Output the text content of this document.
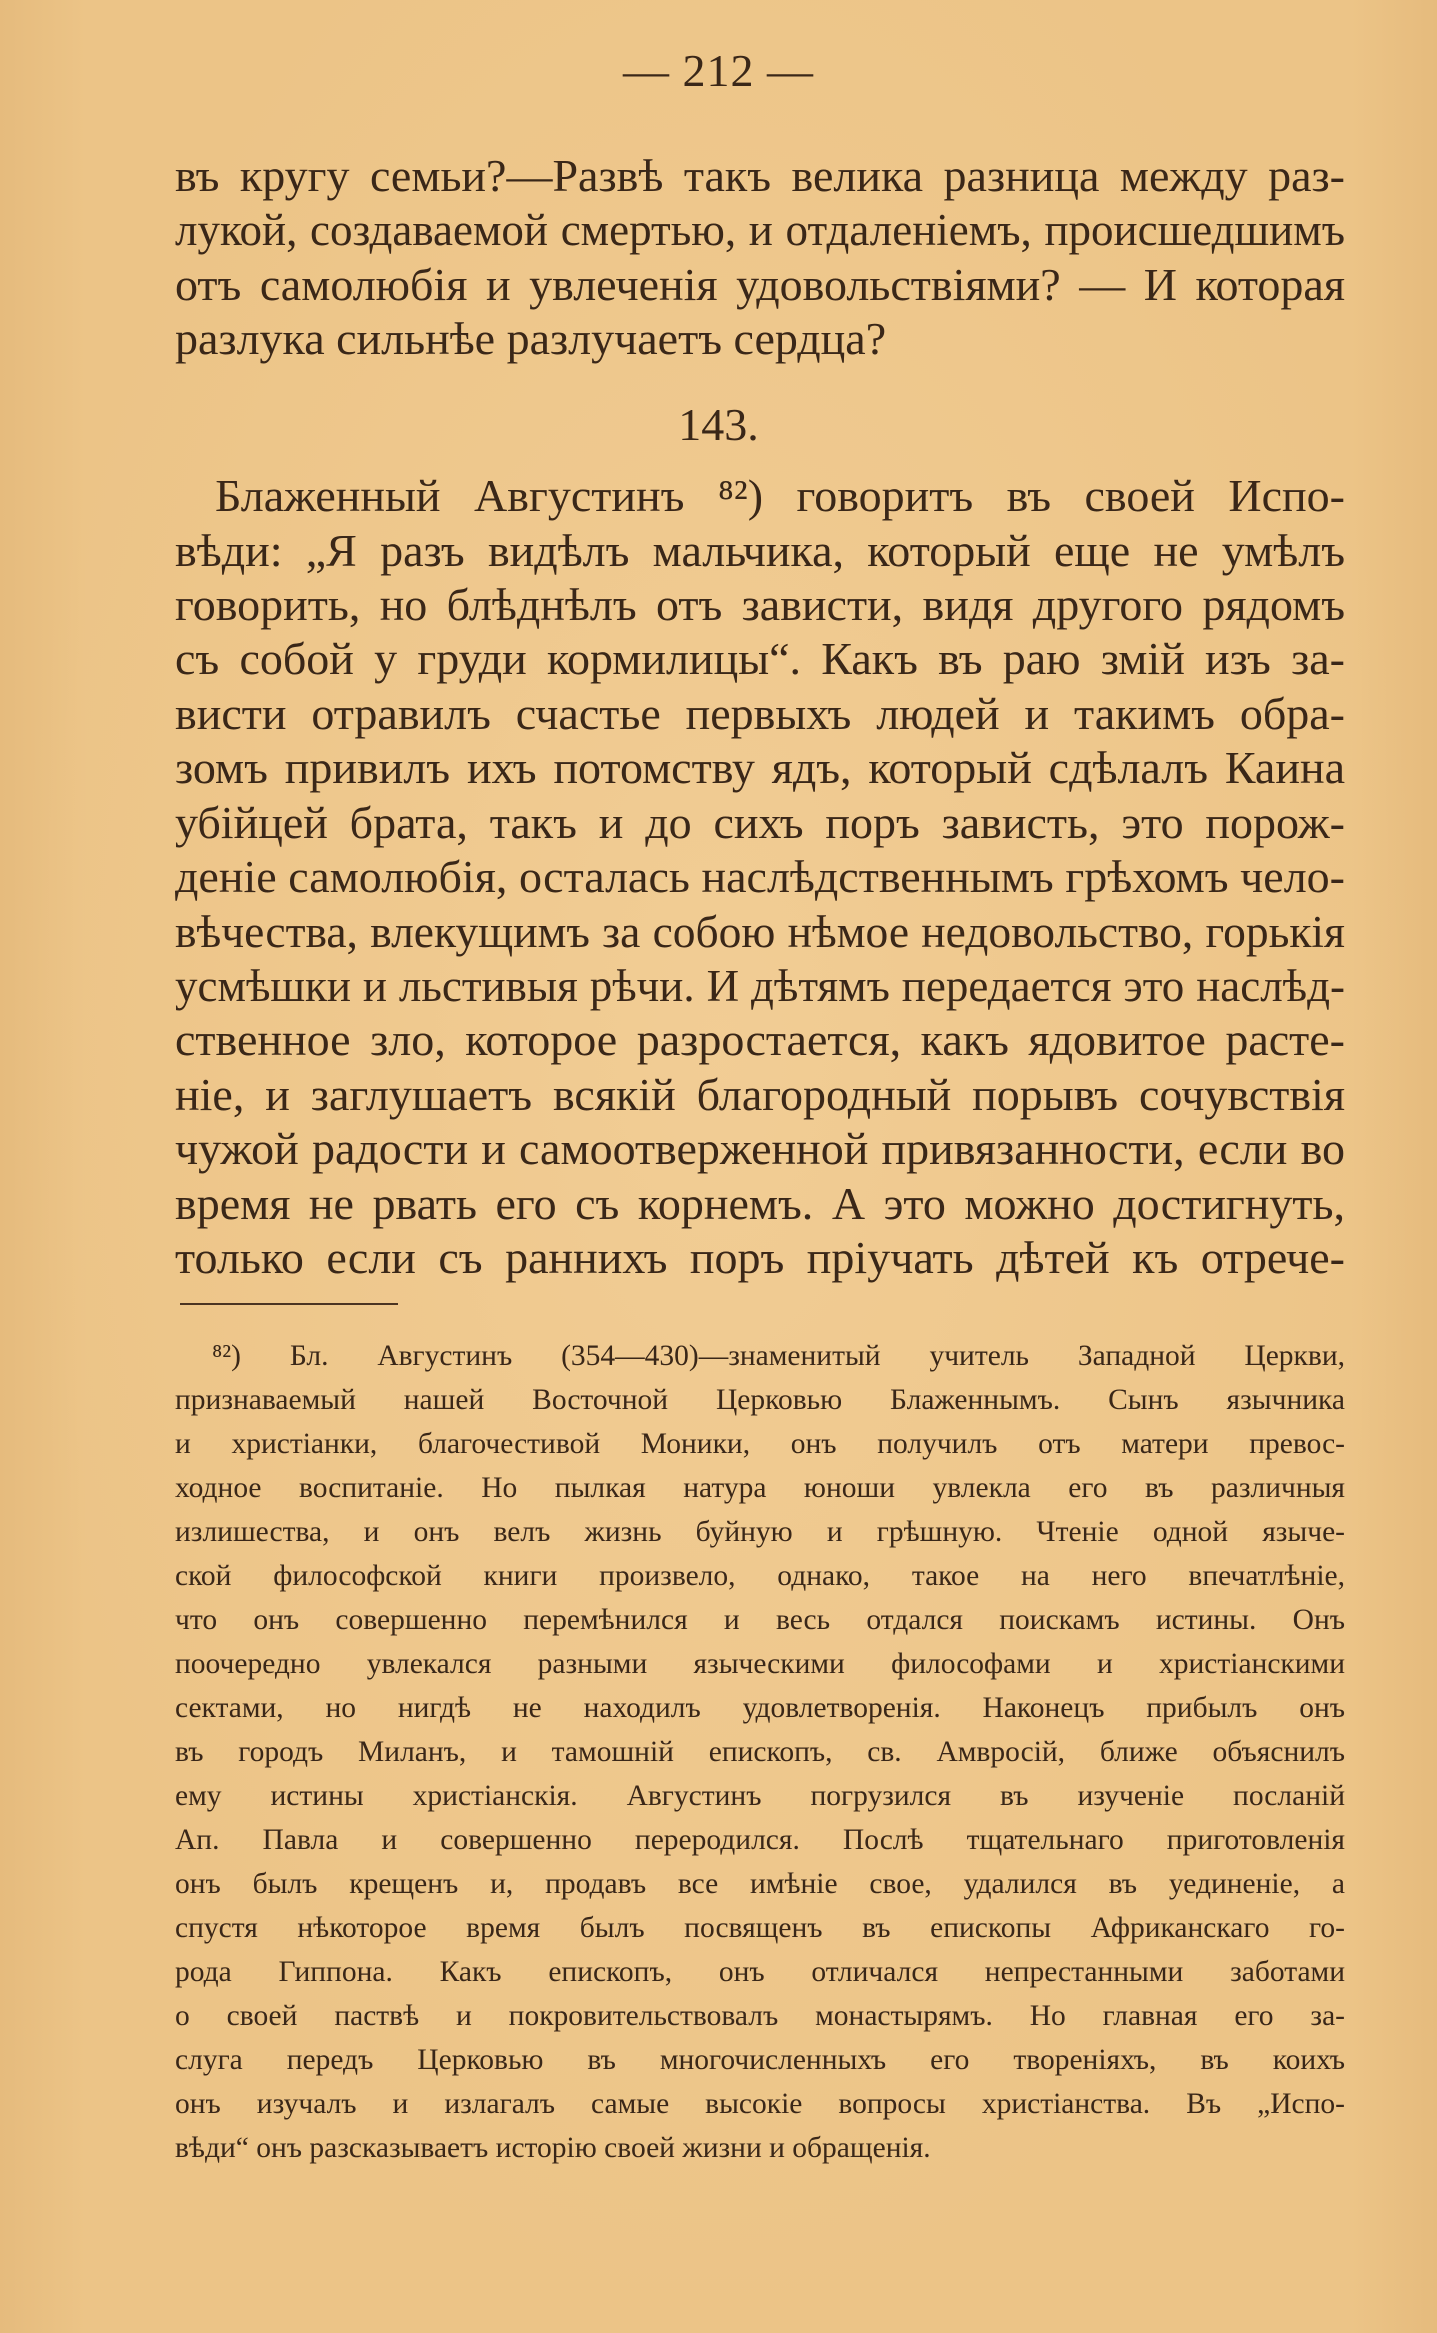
— 212 —
въ кругу семьи?—Развѣ такъ велика разница между раз-
лукой, создаваемой смертью, и отдаленіемъ, происшедшимъ
отъ самолюбія и увлеченія удовольствіями? — И которая
разлука сильнѣе разлучаетъ сердца?
143.
Блаженный Августинъ ⁸²) говоритъ въ своей Испо-
вѣди: „Я разъ видѣлъ мальчика, который еще не умѣлъ
говорить, но блѣднѣлъ отъ зависти, видя другого рядомъ
съ собой у груди кормилицы“. Какъ въ раю змій изъ за-
висти отравилъ счастье первыхъ людей и такимъ обра-
зомъ привилъ ихъ потомству ядъ, который сдѣлалъ Каина
убійцей брата, такъ и до сихъ поръ зависть, это порож-
деніе самолюбія, осталась наслѣдственнымъ грѣхомъ чело-
вѣчества, влекущимъ за собою нѣмое недовольство, горькія
усмѣшки и льстивыя рѣчи. И дѣтямъ передается это наслѣд-
ственное зло, которое разростается, какъ ядовитое расте-
ніе, и заглушаетъ всякій благородный порывъ сочувствія
чужой радости и самоотверженной привязанности, если во
время не рвать его съ корнемъ. А это можно достигнуть,
только если съ раннихъ поръ пріучать дѣтей къ отрече-
⁸²) Бл. Августинъ (354—430)—знаменитый учитель Западной Церкви,
признаваемый нашей Восточной Церковью Блаженнымъ. Сынъ язычника
и христіанки, благочестивой Моники, онъ получилъ отъ матери превос-
ходное воспитаніе. Но пылкая натура юноши увлекла его въ различныя
излишества, и онъ велъ жизнь буйную и грѣшную. Чтеніе одной языче-
ской философской книги произвело, однако, такое на него впечатлѣніе,
что онъ совершенно перемѣнился и весь отдался поискамъ истины. Онъ
поочередно увлекался разными языческими философами и христіанскими
сектами, но нигдѣ не находилъ удовлетворенія. Наконецъ прибылъ онъ
въ городъ Миланъ, и тамошній епископъ, св. Амвросій, ближе объяснилъ
ему истины христіанскія. Августинъ погрузился въ изученіе посланій
Ап. Павла и совершенно переродился. Послѣ тщательнаго приготовленія
онъ былъ крещенъ и, продавъ все имѣніе свое, удалился въ уединеніе, а
спустя нѣкоторое время былъ посвященъ въ епископы Африканскаго го-
рода Гиппона. Какъ епископъ, онъ отличался непрестанными заботами
о своей паствѣ и покровительствовалъ монастырямъ. Но главная его за-
слуга передъ Церковью въ многочисленныхъ его твореніяхъ, въ коихъ
онъ изучалъ и излагалъ самые высокіе вопросы христіанства. Въ „Испо-
вѣди“ онъ разсказываетъ исторію своей жизни и обращенія.
